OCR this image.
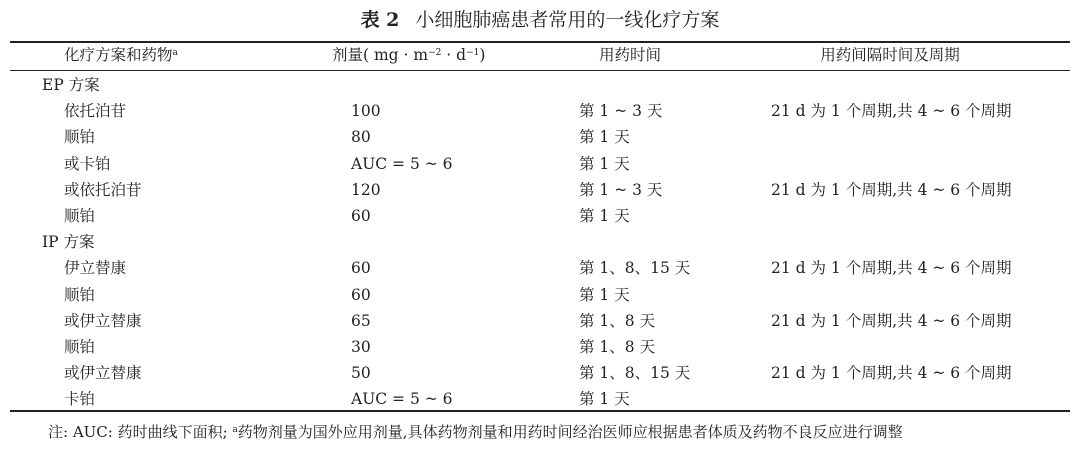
表 2 小细胞肺癌患者常用的一线化疗方案
化疗方案和药物$^a$	剂量( mg · $m^{-2} \cdot d^{-1}$)	用药时间	用药间隔时间及周期
EP 方案
依托泊苷	100	第 1 ~ 3 天	21 d 为 1 个周期,共 4 ~ 6 个周期
顺铂	80	第 1 天
或卡铂	AUC = 5 ~ 6	第 1 天
或依托泊苷	120	第 1 ~ 3 天	21 d 为 1 个周期,共 4 ~ 6 个周期
顺铂	60	第 1 天
IP 方案
伊立替康	60	第 1、8、15 天	21 d 为 1 个周期,共 4 ~ 6 个周期
顺铂	60	第 1 天
或伊立替康	65	第 1、8 天	21 d 为 1 个周期,共 4 ~ 6 个周期
顺铂	30	第 1、8 天
或伊立替康	50	第 1、8、15 天	21 d 为 1 个周期,共 4 ~ 6 个周期
卡铂	AUC = 5 ~ 6	第 1 天
注: AUC: 药时曲线下面积; $^a$药物剂量为国外应用剂量,具体药物剂量和用药时间经治医师应根据患者体质及药物不良反应进行调整
